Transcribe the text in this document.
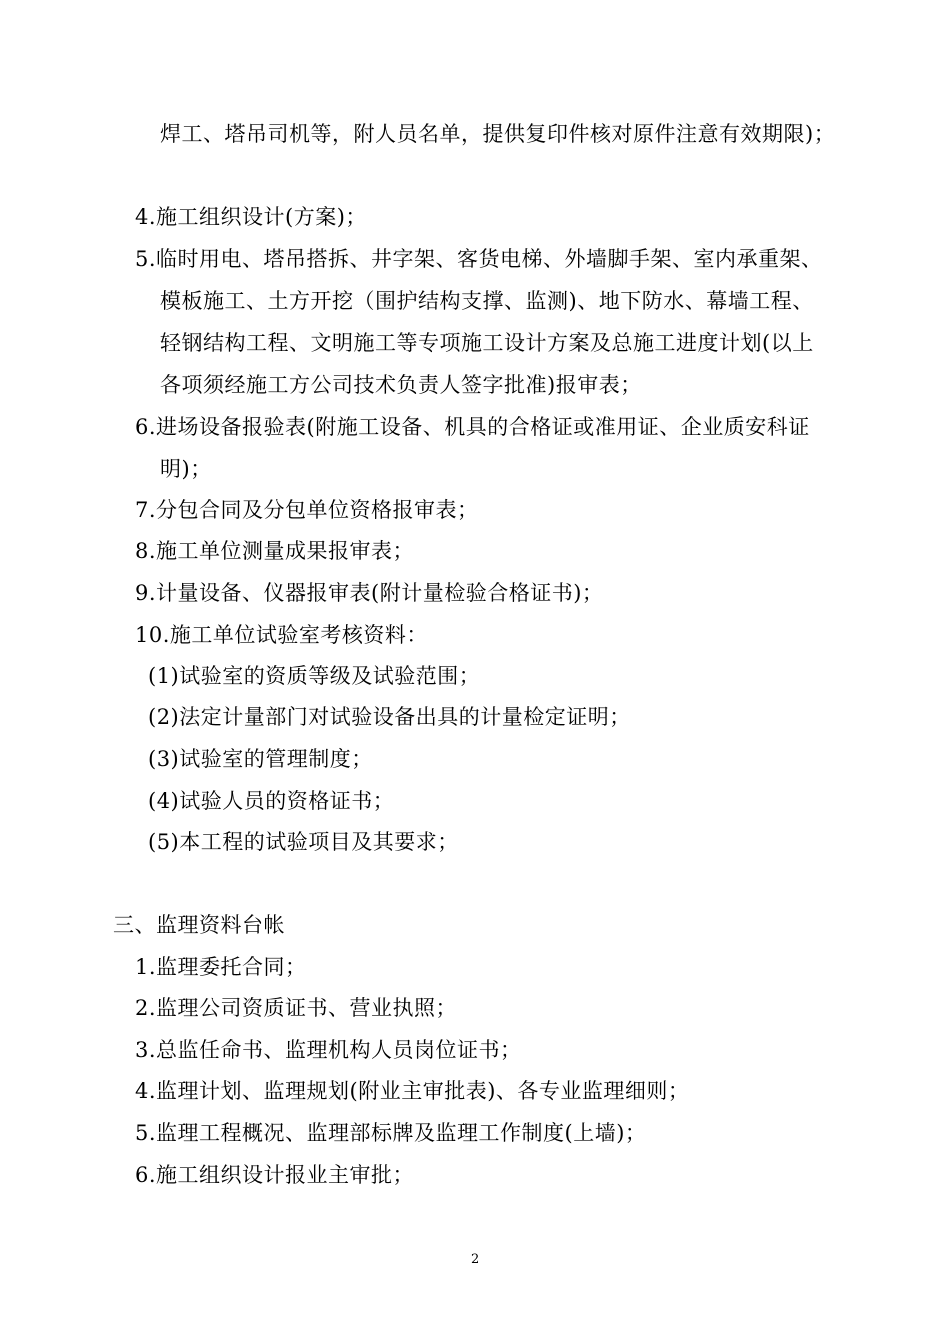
焊工、塔吊司机等，附人员名单，提供复印件核对原件注意有效期限)；
4.施工组织设计(方案)；
5.临时用电、塔吊搭拆、井字架、客货电梯、外墙脚手架、室内承重架、
模板施工、土方开挖（围护结构支撑、监测)、地下防水、幕墙工程、
轻钢结构工程、文明施工等专项施工设计方案及总施工进度计划(以上
各项须经施工方公司技术负责人签字批准)报审表；
6.进场设备报验表(附施工设备、机具的合格证或准用证、企业质安科证
明)；
7.分包合同及分包单位资格报审表；
8.施工单位测量成果报审表；
9.计量设备、仪器报审表(附计量检验合格证书)；
10.施工单位试验室考核资料：
(1)试验室的资质等级及试验范围；
(2)法定计量部门对试验设备出具的计量检定证明；
(3)试验室的管理制度；
(4)试验人员的资格证书；
(5)本工程的试验项目及其要求；
三、监理资料台帐
1.监理委托合同；
2.监理公司资质证书、营业执照；
3.总监任命书、监理机构人员岗位证书；
4.监理计划、监理规划(附业主审批表)、各专业监理细则；
5.监理工程概况、监理部标牌及监理工作制度(上墙)；
6.施工组织设计报业主审批；
2
